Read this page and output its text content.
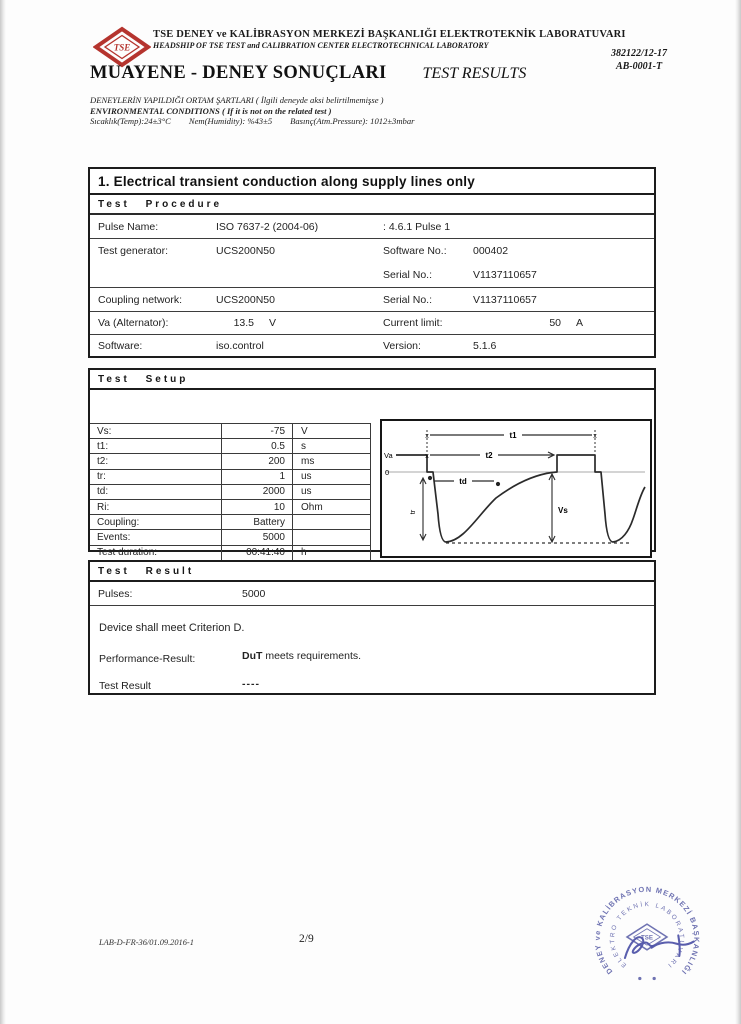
TSE
TSE DENEY ve KALİBRASYON MERKEZİ BAŞKANLIĞI ELEKTROTEKNİK LABORATUVARI
HEADSHIP OF TSE TEST and CALIBRATION CENTER ELECTROTECHNICAL LABORATORY
382122/12-17
AB-0001-T
MUAYENE - DENEY SONUÇLARI TEST RESULTS
DENEYLERİN YAPILDIĞI ORTAM ŞARTLARI ( İlgili deneyde aksi belirtilmemişse )
ENVIRONMENTAL CONDITIONS ( If it is not on the related test )
Sıcaklık(Temp):24±3°C Nem(Humidity): %43±5 Basınç(Atm.Pressure): 1012±3mbar
1. Electrical transient conduction along supply lines only
Test Procedure
Pulse Name:	ISO 7637-2 (2004-06)	: 4.6.1 Pulse 1
Test generator:	UCS200N50	Software No.:	000402
Serial No.:	V1137110657
Coupling network:	UCS200N50	Serial No.:	V1137110657
Va (Alternator):	13.5 V	Current limit:	50 A
Software:	iso.control	Version:	5.1.6
Test Setup
Vs:	-75	V
t1:	0.5	s
t2:	200	ms
tr:	1	us
td:	2000	us
Ri:	10	Ohm
Coupling:	Battery
Events:	5000
Test duration:	00:41:40	h
x	x
t1
x	t2
Va
0
td
tr	Vs
Test Result
Pulses:	5000
Device shall meet Criterion D.
Performance-Result:	DuT meets requirements.
Test Result	----
DENEY ve KALİBRASYON MERKEZİ BAŞKANLIĞI
ELEKTRO TEKNİK LABORATUVARI
TSE
LAB-D-FR-36/01.09.2016-1	2/9
